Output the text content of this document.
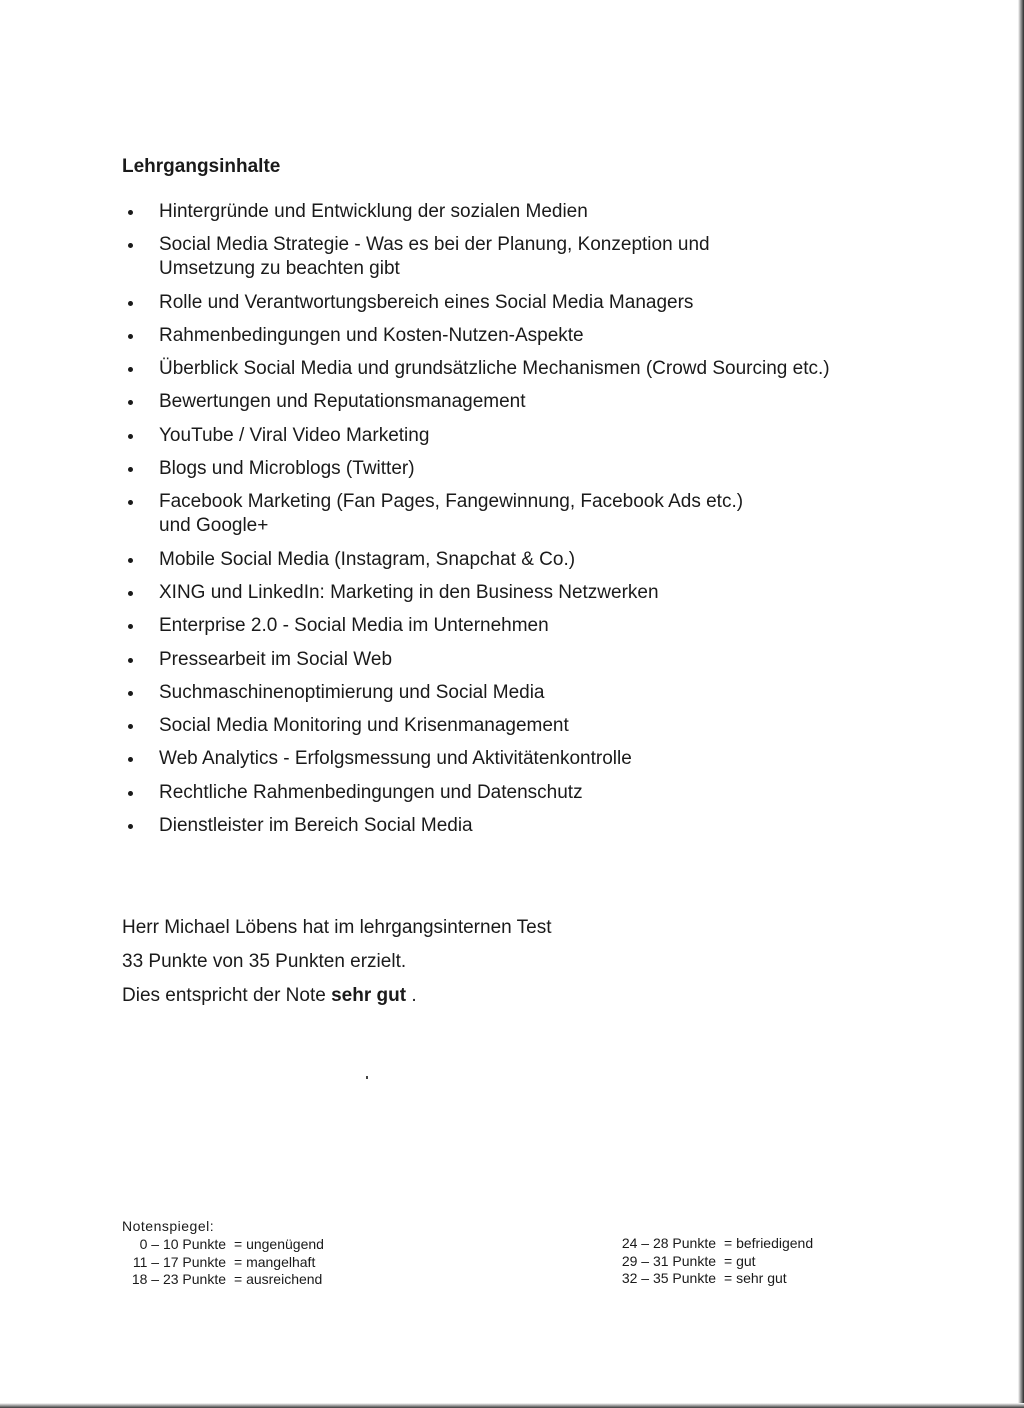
Lehrgangsinhalte
Hintergründe und Entwicklung der sozialen Medien
Social Media Strategie - Was es bei der Planung, Konzeption und
Umsetzung zu beachten gibt
Rolle und Verantwortungsbereich eines Social Media Managers
Rahmenbedingungen und Kosten-Nutzen-Aspekte
Überblick Social Media und grundsätzliche Mechanismen (Crowd Sourcing etc.)
Bewertungen und Reputationsmanagement
YouTube / Viral Video Marketing
Blogs und Microblogs (Twitter)
Facebook Marketing (Fan Pages, Fangewinnung, Facebook Ads etc.)
und Google+
Mobile Social Media (Instagram, Snapchat & Co.)
XING und LinkedIn: Marketing in den Business Netzwerken
Enterprise 2.0 - Social Media im Unternehmen
Pressearbeit im Social Web
Suchmaschinenoptimierung und Social Media
Social Media Monitoring und Krisenmanagement
Web Analytics - Erfolgsmessung und Aktivitätenkontrolle
Rechtliche Rahmenbedingungen und Datenschutz
Dienstleister im Bereich Social Media

Herr Michael Löbens hat im lehrgangsinternen Test

33 Punkte von 35 Punkten erzielt.

Dies entspricht der Note sehr gut .

Notenspiegel:
0 – 10 Punkte = ungenügend
11 – 17 Punkte = mangelhaft
18 – 23 Punkte = ausreichend
24 – 28 Punkte = befriedigend
29 – 31 Punkte = gut
32 – 35 Punkte = sehr gut
